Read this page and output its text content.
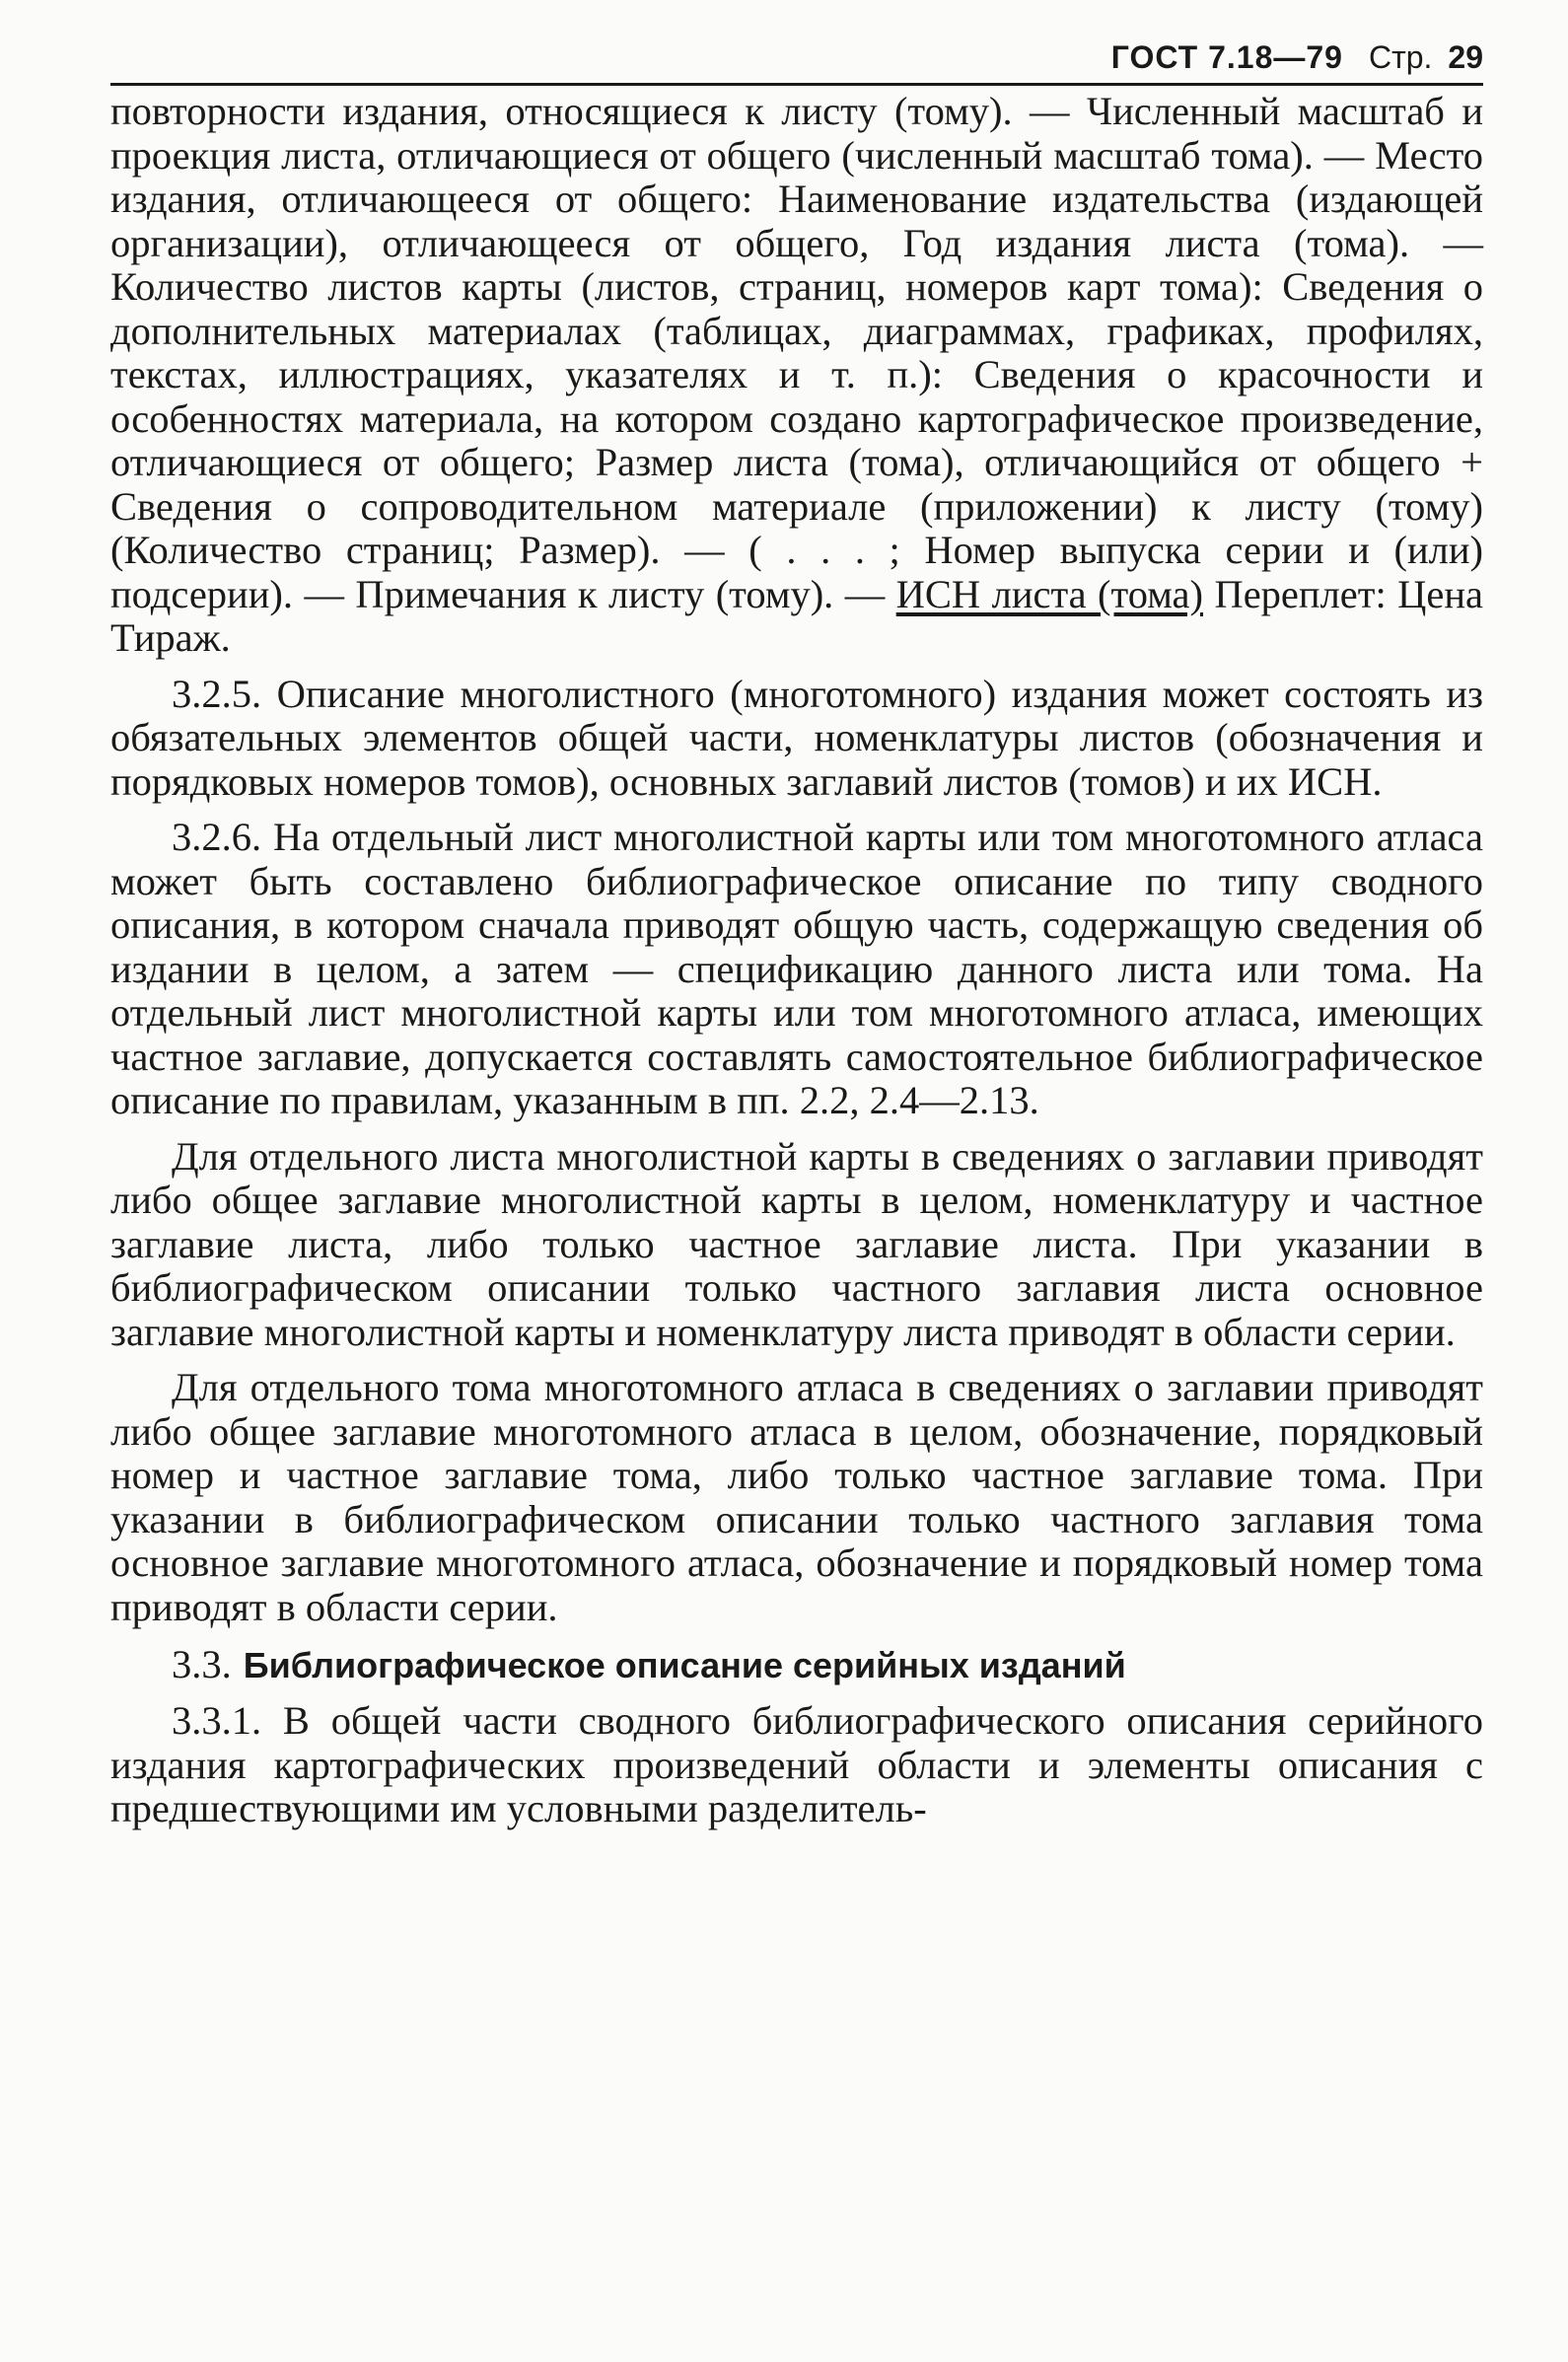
ГОСТ 7.18—79 Стр. 29

повторности издания, относящиеся к листу (тому). — Численный масштаб и проекция листа, отличающиеся от общего (численный масштаб тома). — Место издания, отличающееся от общего: Наименование издательства (издающей организации), отличающееся от общего, Год издания листа (тома). — Количество листов карты (листов, страниц, номеров карт тома): Сведения о дополнительных материалах (таблицах, диаграммах, графиках, профилях, текстах, иллюстрациях, указателях и т. п.): Сведения о красочности и особенностях материала, на котором создано картографическое произведение, отличающиеся от общего; Размер листа (тома), отличающийся от общего + Сведения о сопроводительном материале (приложении) к листу (тому) (Количество страниц; Размер). — ( . . . ; Номер выпуска серии и (или) подсерии). — Примечания к листу (тому). — ИСН листа (тома) Переплет: Цена Тираж.

3.2.5. Описание многолистного (многотомного) издания может состоять из обязательных элементов общей части, номенклатуры листов (обозначения и порядковых номеров томов), основных заглавий листов (томов) и их ИСН.

3.2.6. На отдельный лист многолистной карты или том многотомного атласа может быть составлено библиографическое описание по типу сводного описания, в котором сначала приводят общую часть, содержащую сведения об издании в целом, а затем — спецификацию данного листа или тома. На отдельный лист многолистной карты или том многотомного атласа, имеющих частное заглавие, допускается составлять самостоятельное библиографическое описание по правилам, указанным в пп. 2.2, 2.4—2.13.

Для отдельного листа многолистной карты в сведениях о заглавии приводят либо общее заглавие многолистной карты в целом, номенклатуру и частное заглавие листа, либо только частное заглавие листа. При указании в библиографическом описании только частного заглавия листа основное заглавие многолистной карты и номенклатуру листа приводят в области серии.

Для отдельного тома многотомного атласа в сведениях о заглавии приводят либо общее заглавие многотомного атласа в целом, обозначение, порядковый номер и частное заглавие тома, либо только частное заглавие тома. При указании в библиографическом описании только частного заглавия тома основное заглавие многотомного атласа, обозначение и порядковый номер тома приводят в области серии.

3.3. Библиографическое описание серийных изданий

3.3.1. В общей части сводного библиографического описания серийного издания картографических произведений области и элементы описания с предшествующими им условными разделитель-
